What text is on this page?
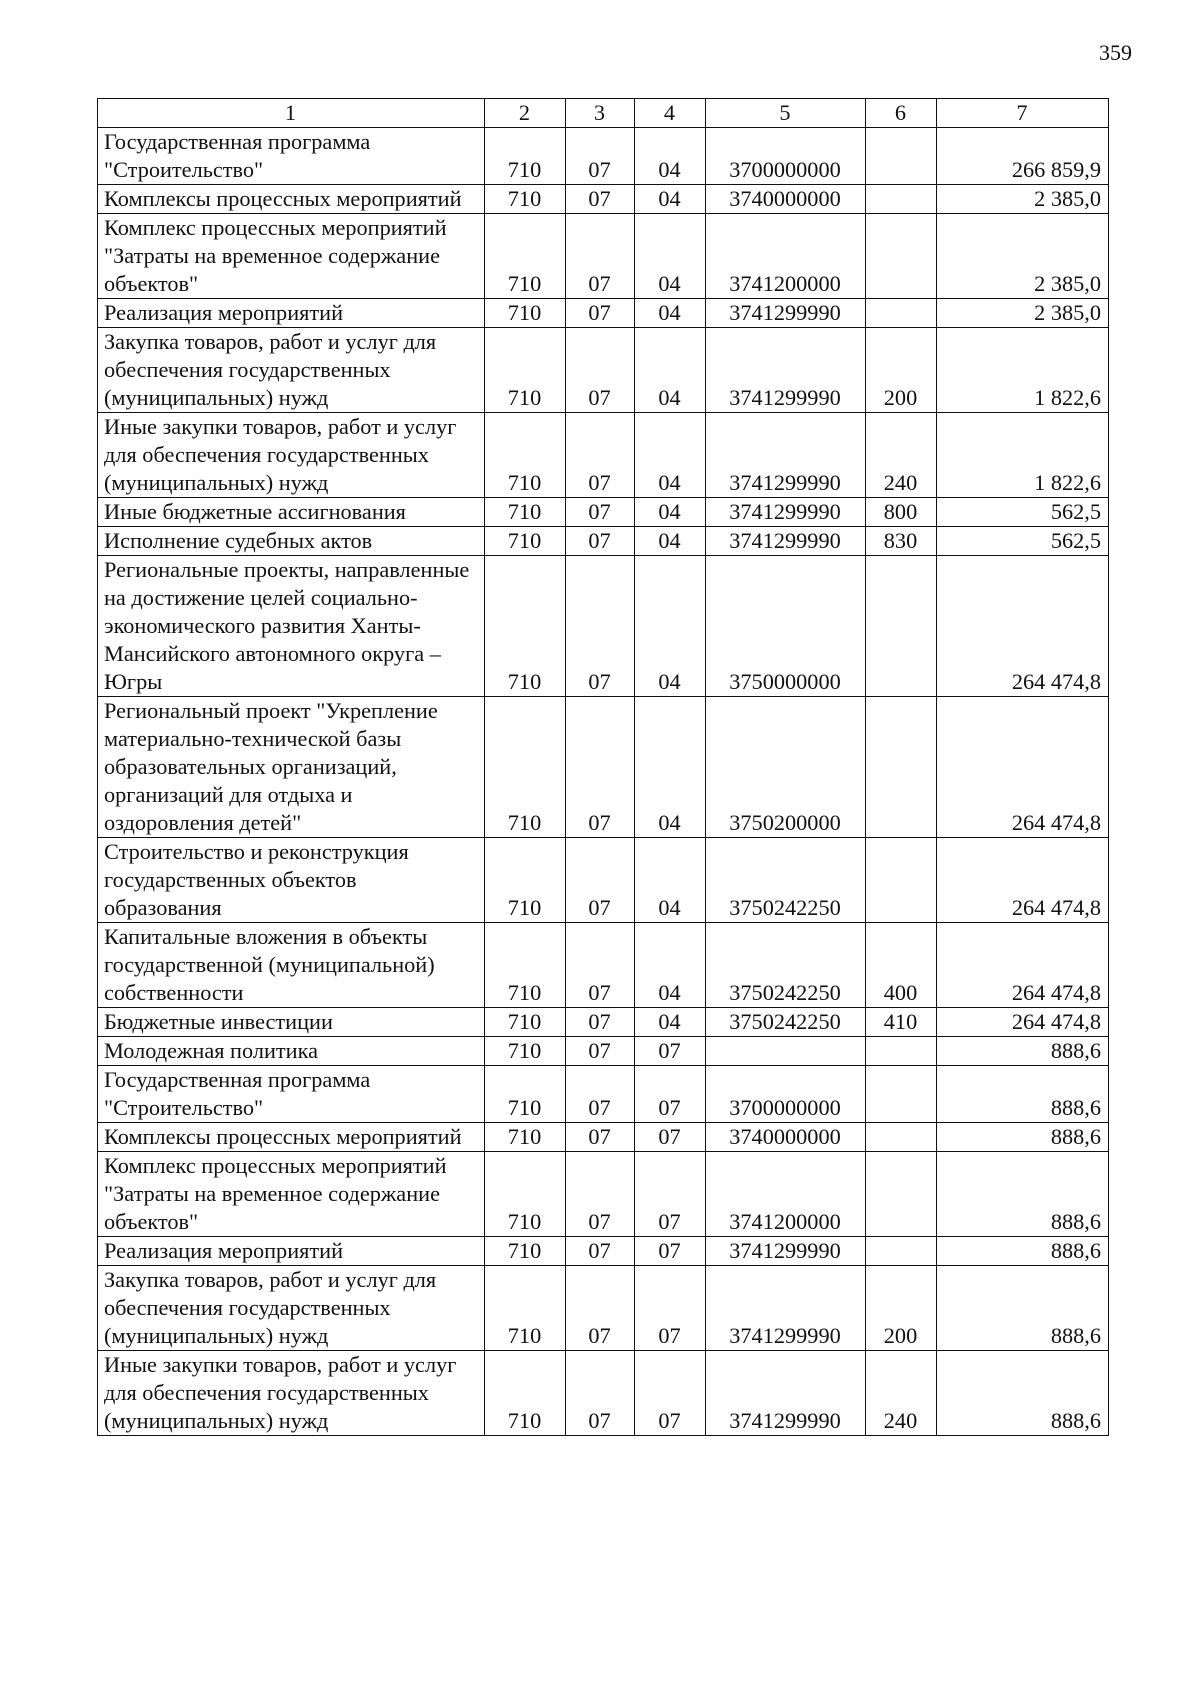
359
1	2	3	4	5	6	7
Государственная программа "Строительство"	710	07	04	3700000000		266 859,9
Комплексы процессных мероприятий	710	07	04	3740000000		2 385,0
Комплекс процессных мероприятий "Затраты на временное содержание объектов"	710	07	04	3741200000		2 385,0
Реализация мероприятий	710	07	04	3741299990		2 385,0
Закупка товаров, работ и услуг для обеспечения государственных (муниципальных) нужд	710	07	04	3741299990	200	1 822,6
Иные закупки товаров, работ и услуг для обеспечения государственных (муниципальных) нужд	710	07	04	3741299990	240	1 822,6
Иные бюджетные ассигнования	710	07	04	3741299990	800	562,5
Исполнение судебных актов	710	07	04	3741299990	830	562,5
Региональные проекты, направленные на достижение целей социально-экономического развития Ханты-Мансийского автономного округа – Югры	710	07	04	3750000000		264 474,8
Региональный проект "Укрепление материально-технической базы образовательных организаций, организаций для отдыха и оздоровления детей"	710	07	04	3750200000		264 474,8
Строительство и реконструкция государственных объектов образования	710	07	04	3750242250		264 474,8
Капитальные вложения в объекты государственной (муниципальной) собственности	710	07	04	3750242250	400	264 474,8
Бюджетные инвестиции	710	07	04	3750242250	410	264 474,8
Молодежная политика	710	07	07			888,6
Государственная программа "Строительство"	710	07	07	3700000000		888,6
Комплексы процессных мероприятий	710	07	07	3740000000		888,6
Комплекс процессных мероприятий "Затраты на временное содержание объектов"	710	07	07	3741200000		888,6
Реализация мероприятий	710	07	07	3741299990		888,6
Закупка товаров, работ и услуг для обеспечения государственных (муниципальных) нужд	710	07	07	3741299990	200	888,6
Иные закупки товаров, работ и услуг для обеспечения государственных (муниципальных) нужд	710	07	07	3741299990	240	888,6
